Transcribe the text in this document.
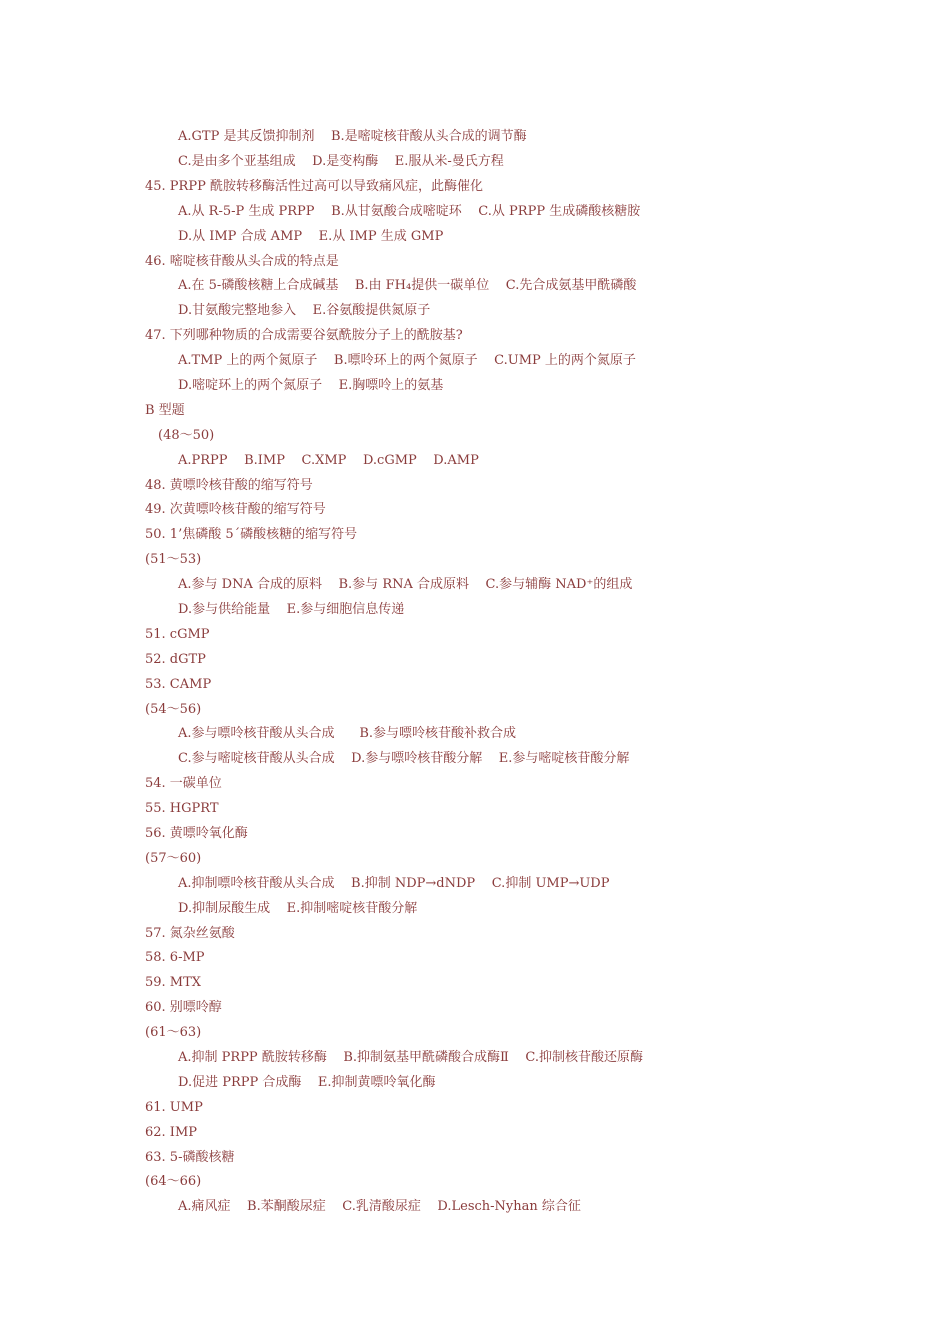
A.GTP 是其反馈抑制剂    B.是嘧啶核苷酸从头合成的调节酶
C.是由多个亚基组成    D.是变构酶    E.服从米-曼氏方程
45. PRPP 酰胺转移酶活性过高可以导致痛风症，此酶催化
A.从 R-5-P 生成 PRPP    B.从甘氨酸合成嘧啶环    C.从 PRPP 生成磷酸核糖胺
D.从 IMP 合成 AMP    E.从 IMP 生成 GMP
46. 嘧啶核苷酸从头合成的特点是
A.在 5-磷酸核糖上合成碱基    B.由 FH₄提供一碳单位    C.先合成氨基甲酰磷酸
D.甘氨酸完整地参入    E.谷氨酸提供氮原子
47. 下列哪种物质的合成需要谷氨酰胺分子上的酰胺基?
A.TMP 上的两个氮原子    B.嘌呤环上的两个氮原子    C.UMP 上的两个氮原子
D.嘧啶环上的两个氮原子    E.胸嘌呤上的氨基
B 型题
(48～50)
A.PRPP    B.IMP    C.XMP    D.cGMP    D.AMP
48. 黄嘌呤核苷酸的缩写符号
49. 次黄嘌呤核苷酸的缩写符号
50. 1’焦磷酸 5ˊ磷酸核糖的缩写符号
(51～53)
A.参与 DNA 合成的原料    B.参与 RNA 合成原料    C.参与辅酶 NAD⁺的组成
D.参与供给能量    E.参与细胞信息传递
51. cGMP
52. dGTP
53. CAMP
(54～56)
A.参与嘌呤核苷酸从头合成      B.参与嘌呤核苷酸补救合成
C.参与嘧啶核苷酸从头合成    D.参与嘌呤核苷酸分解    E.参与嘧啶核苷酸分解
54. 一碳单位
55. HGPRT
56. 黄嘌呤氧化酶
(57～60)
A.抑制嘌呤核苷酸从头合成    B.抑制 NDP→dNDP    C.抑制 UMP→UDP
D.抑制尿酸生成    E.抑制嘧啶核苷酸分解
57. 氮杂丝氨酸
58. 6-MP
59. MTX
60. 别嘌呤醇
(61～63)
A.抑制 PRPP 酰胺转移酶    B.抑制氨基甲酰磷酸合成酶Ⅱ    C.抑制核苷酸还原酶
D.促进 PRPP 合成酶    E.抑制黄嘌呤氧化酶
61. UMP
62. IMP
63. 5-磷酸核糖
(64～66)
A.痛风症    B.苯酮酸尿症    C.乳清酸尿症    D.Lesch-Nyhan 综合征
